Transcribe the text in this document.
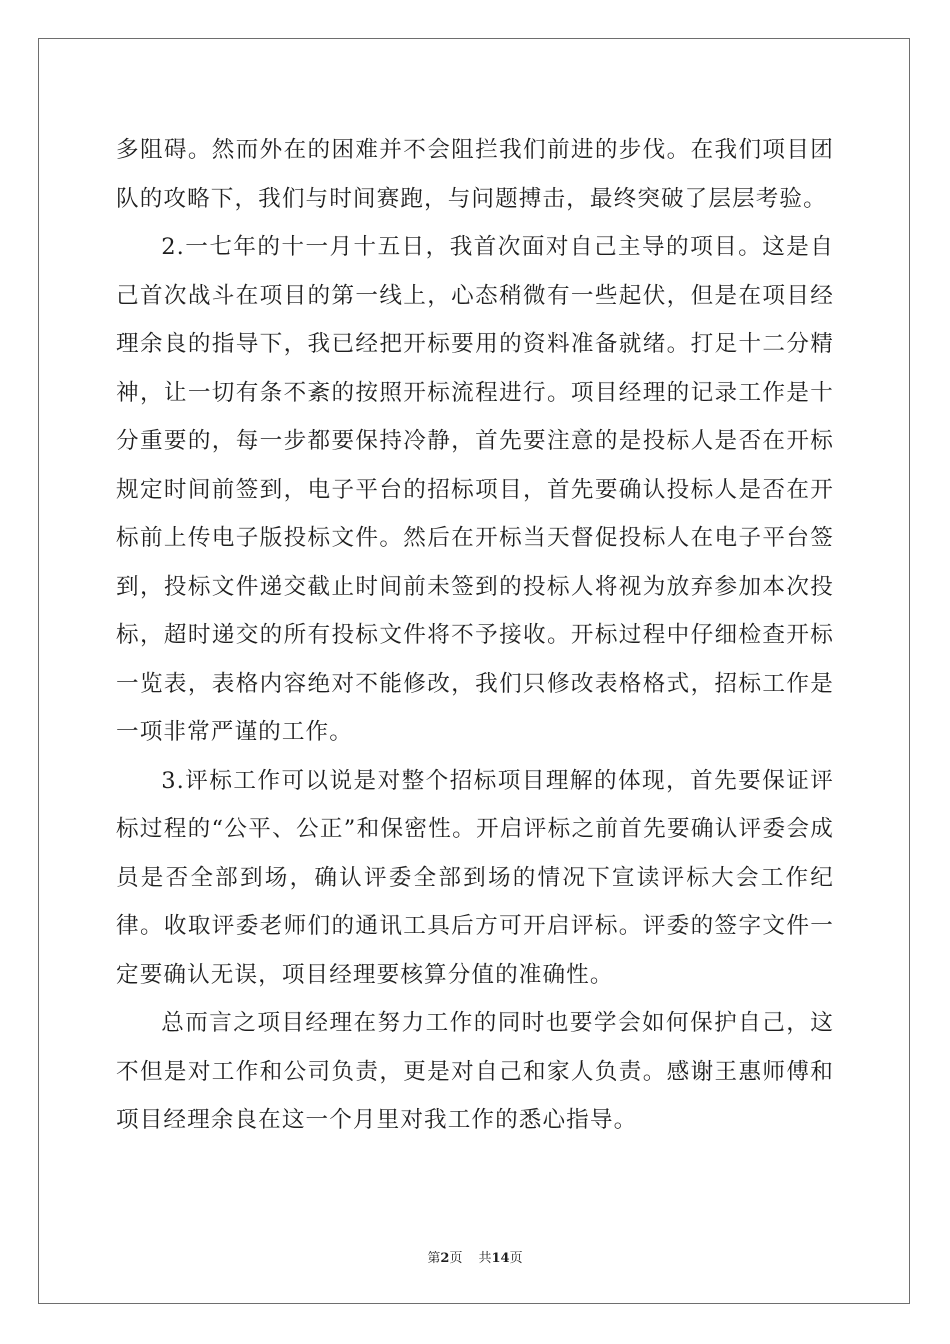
多阻碍。然而外在的困难并不会阻拦我们前进的步伐。在我们项目团队的攻略下，我们与时间赛跑，与问题搏击，最终突破了层层考验。

2.一七年的十一月十五日，我首次面对自己主导的项目。这是自己首次战斗在项目的第一线上，心态稍微有一些起伏，但是在项目经理余良的指导下，我已经把开标要用的资料准备就绪。打足十二分精神，让一切有条不紊的按照开标流程进行。项目经理的记录工作是十分重要的，每一步都要保持冷静，首先要注意的是投标人是否在开标规定时间前签到，电子平台的招标项目，首先要确认投标人是否在开标前上传电子版投标文件。然后在开标当天督促投标人在电子平台签到，投标文件递交截止时间前未签到的投标人将视为放弃参加本次投标，超时递交的所有投标文件将不予接收。开标过程中仔细检查开标一览表，表格内容绝对不能修改，我们只修改表格格式，招标工作是一项非常严谨的工作。

3.评标工作可以说是对整个招标项目理解的体现，首先要保证评标过程的“公平、公正”和保密性。开启评标之前首先要确认评委会成员是否全部到场，确认评委全部到场的情况下宣读评标大会工作纪律。收取评委老师们的通讯工具后方可开启评标。评委的签字文件一定要确认无误，项目经理要核算分值的准确性。

总而言之项目经理在努力工作的同时也要学会如何保护自己，这不但是对工作和公司负责，更是对自己和家人负责。感谢王惠师傅和项目经理余良在这一个月里对我工作的悉心指导。

第2页 共14页
